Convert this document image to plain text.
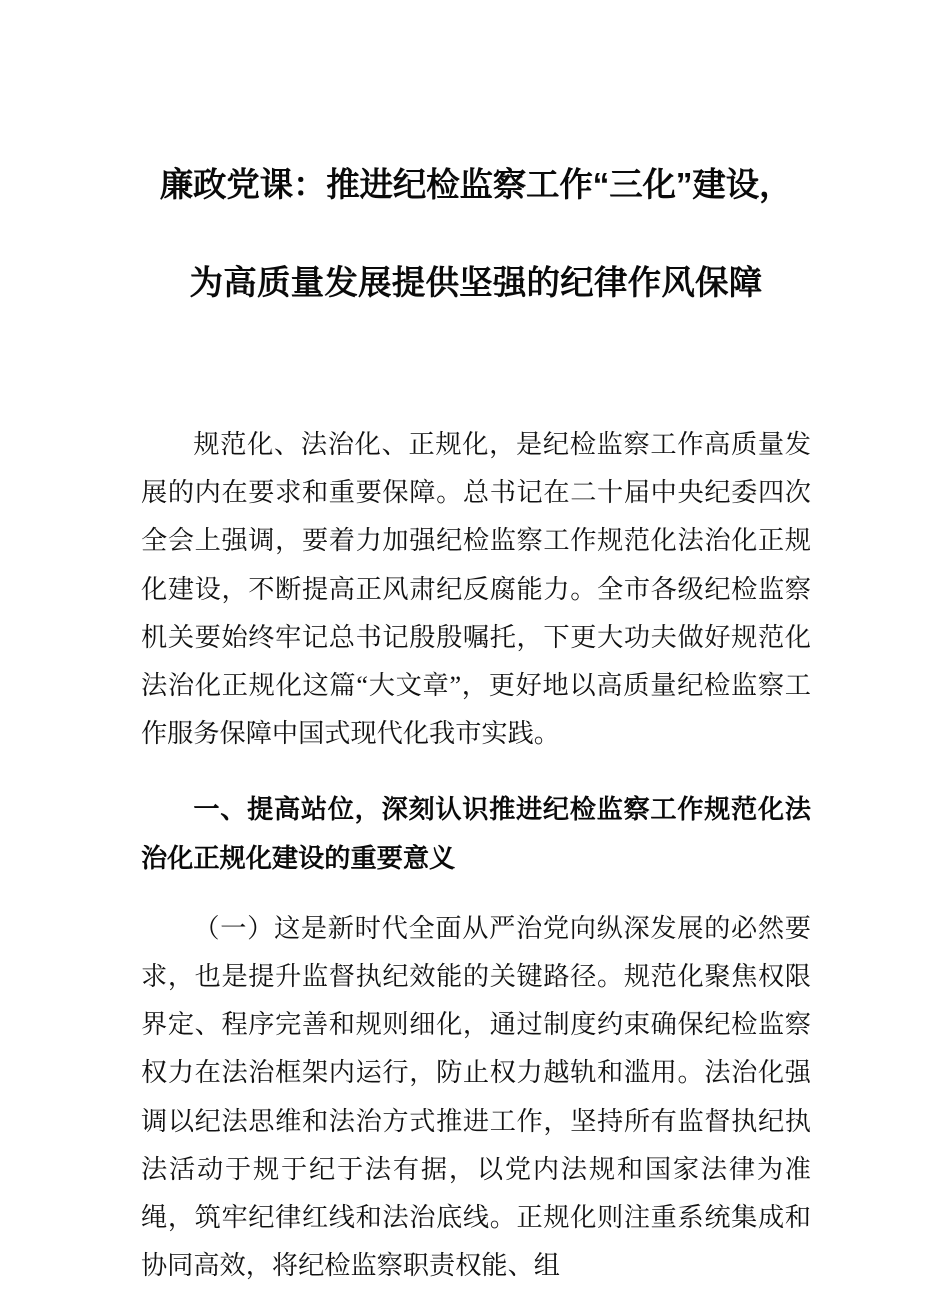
廉政党课：推进纪检监察工作“三化”建设，

为高质量发展提供坚强的纪律作风保障

规范化、法治化、正规化，是纪检监察工作高质量发展的内在要求和重要保障。总书记在二十届中央纪委四次全会上强调，要着力加强纪检监察工作规范化法治化正规化建设，不断提高正风肃纪反腐能力。全市各级纪检监察机关要始终牢记总书记殷殷嘱托，下更大功夫做好规范化法治化正规化这篇“大文章”，更好地以高质量纪检监察工作服务保障中国式现代化我市实践。

一、提高站位，深刻认识推进纪检监察工作规范化法治化正规化建设的重要意义

（一）这是新时代全面从严治党向纵深发展的必然要求，也是提升监督执纪效能的关键路径。规范化聚焦权限界定、程序完善和规则细化，通过制度约束确保纪检监察权力在法治框架内运行，防止权力越轨和滥用。法治化强调以纪法思维和法治方式推进工作，坚持所有监督执纪执法活动于规于纪于法有据，以党内法规和国家法律为准绳，筑牢纪律红线和法治底线。正规化则注重系统集成和协同高效，将纪检监察职责权能、组
